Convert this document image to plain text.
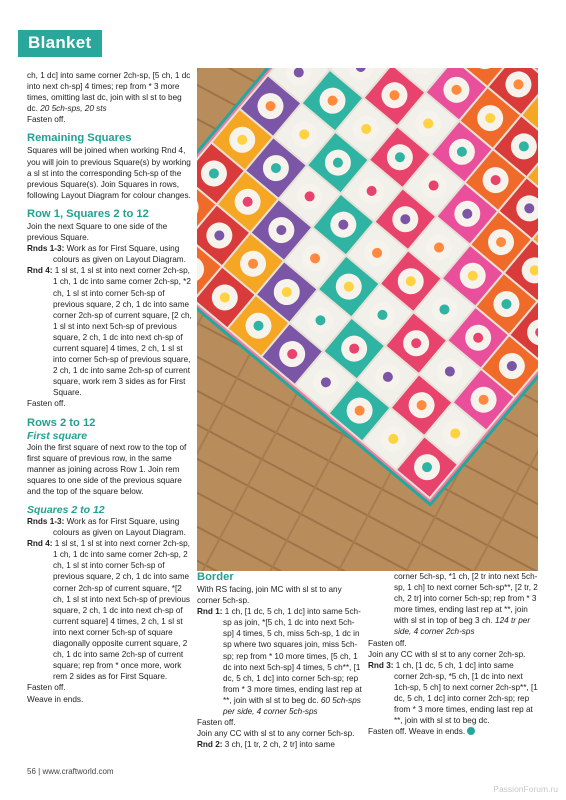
Blanket

ch, 1 dc] into same corner 2ch-sp, [5 ch, 1 dc into next ch-sp] 4 times; rep from * 3 more times, omitting last dc, join with sl st to beg dc. 20 5ch-sps, 20 sts

Fasten off.

Remaining Squares

Squares will be joined when working Rnd 4, you will join to previous Square(s) by working a sl st into the corresponding 5ch-sp of the previous Square(s). Join Squares in rows, following Layout Diagram for colour changes.

Row 1, Squares 2 to 12

Join the next Square to one side of the previous Square.

Rnds 1-3: Work as for First Square, using colours as given on Layout Diagram.

Rnd 4: 1 sl st, 1 sl st into next corner 2ch-sp, 1 ch, 1 dc into same corner 2ch-sp, *2 ch, 1 sl st into corner 5ch-sp of previous square, 2 ch, 1 dc into same corner 2ch-sp of current square, [2 ch, 1 sl st into next 5ch-sp of previous square, 2 ch, 1 dc into next ch-sp of current square] 4 times, 2 ch, 1 sl st into corner 5ch-sp of previous square, 2 ch, 1 dc into same 2ch-sp of current square, work rem 3 sides as for First Square.

Fasten off.

Rows 2 to 12

First square

Join the first square of next row to the top of first square of previous row, in the same manner as joining across Row 1. Join rem squares to one side of the previous square and the top of the square below.

Squares 2 to 12

Rnds 1-3: Work as for First Square, using colours as given on Layout Diagram.

Rnd 4: 1 sl st, 1 sl st into next corner 2ch-sp, 1 ch, 1 dc into same corner 2ch-sp, 2 ch, 1 sl st into corner 5ch-sp of previous square, 2 ch, 1 dc into same corner 2ch-sp of current square, *[2 ch, 1 sl st into next 5ch-sp of previous square, 2 ch, 1 dc into next ch-sp of current square] 4 times, 2 ch, 1 sl st into next corner 5ch-sp of square diagonally opposite current square, 2 ch, 1 dc into same 2ch-sp of current square; rep from * once more, work rem 2 sides as for First Square.

Fasten off.

Weave in ends.

Border

With RS facing, join MC with sl st to any corner 5ch-sp.

Rnd 1: 1 ch, [1 dc, 5 ch, 1 dc] into same 5ch-sp as join, *[5 ch, 1 dc into next 5ch-sp] 4 times, 5 ch, miss 5ch-sp, 1 dc in sp where two squares join, miss 5ch-sp; rep from * 10 more times, [5 ch, 1 dc into next 5ch-sp] 4 times, 5 ch**, [1 dc, 5 ch, 1 dc] into corner 5ch-sp; rep from * 3 more times, ending last rep at **, join with sl st to beg dc. 60 5ch-sps per side, 4 corner 5ch-sps

Fasten off.

Join any CC with sl st to any corner 5ch-sp.

Rnd 2: 3 ch, [1 tr, 2 ch, 2 tr] into same

corner 5ch-sp, *1 ch, [2 tr into next 5ch-sp, 1 ch] to next corner 5ch-sp**, [2 tr, 2 ch, 2 tr] into corner 5ch-sp; rep from * 3 more times, ending last rep at **, join with sl st in top of beg 3 ch. 124 tr per side, 4 corner 2ch-sps

Fasten off.

Join any CC with sl st to any corner 2ch-sp.

Rnd 3: 1 ch, [1 dc, 5 ch, 1 dc] into same corner 2ch-sp, *5 ch, [1 dc into next 1ch-sp, 5 ch] to next corner 2ch-sp**, [1 dc, 5 ch, 1 dc] into corner 2ch-sp; rep from * 3 more times, ending last rep at **, join with sl st to beg dc.

Fasten off. Weave in ends.

56 | www.craftworld.com
PassionForum.ru
